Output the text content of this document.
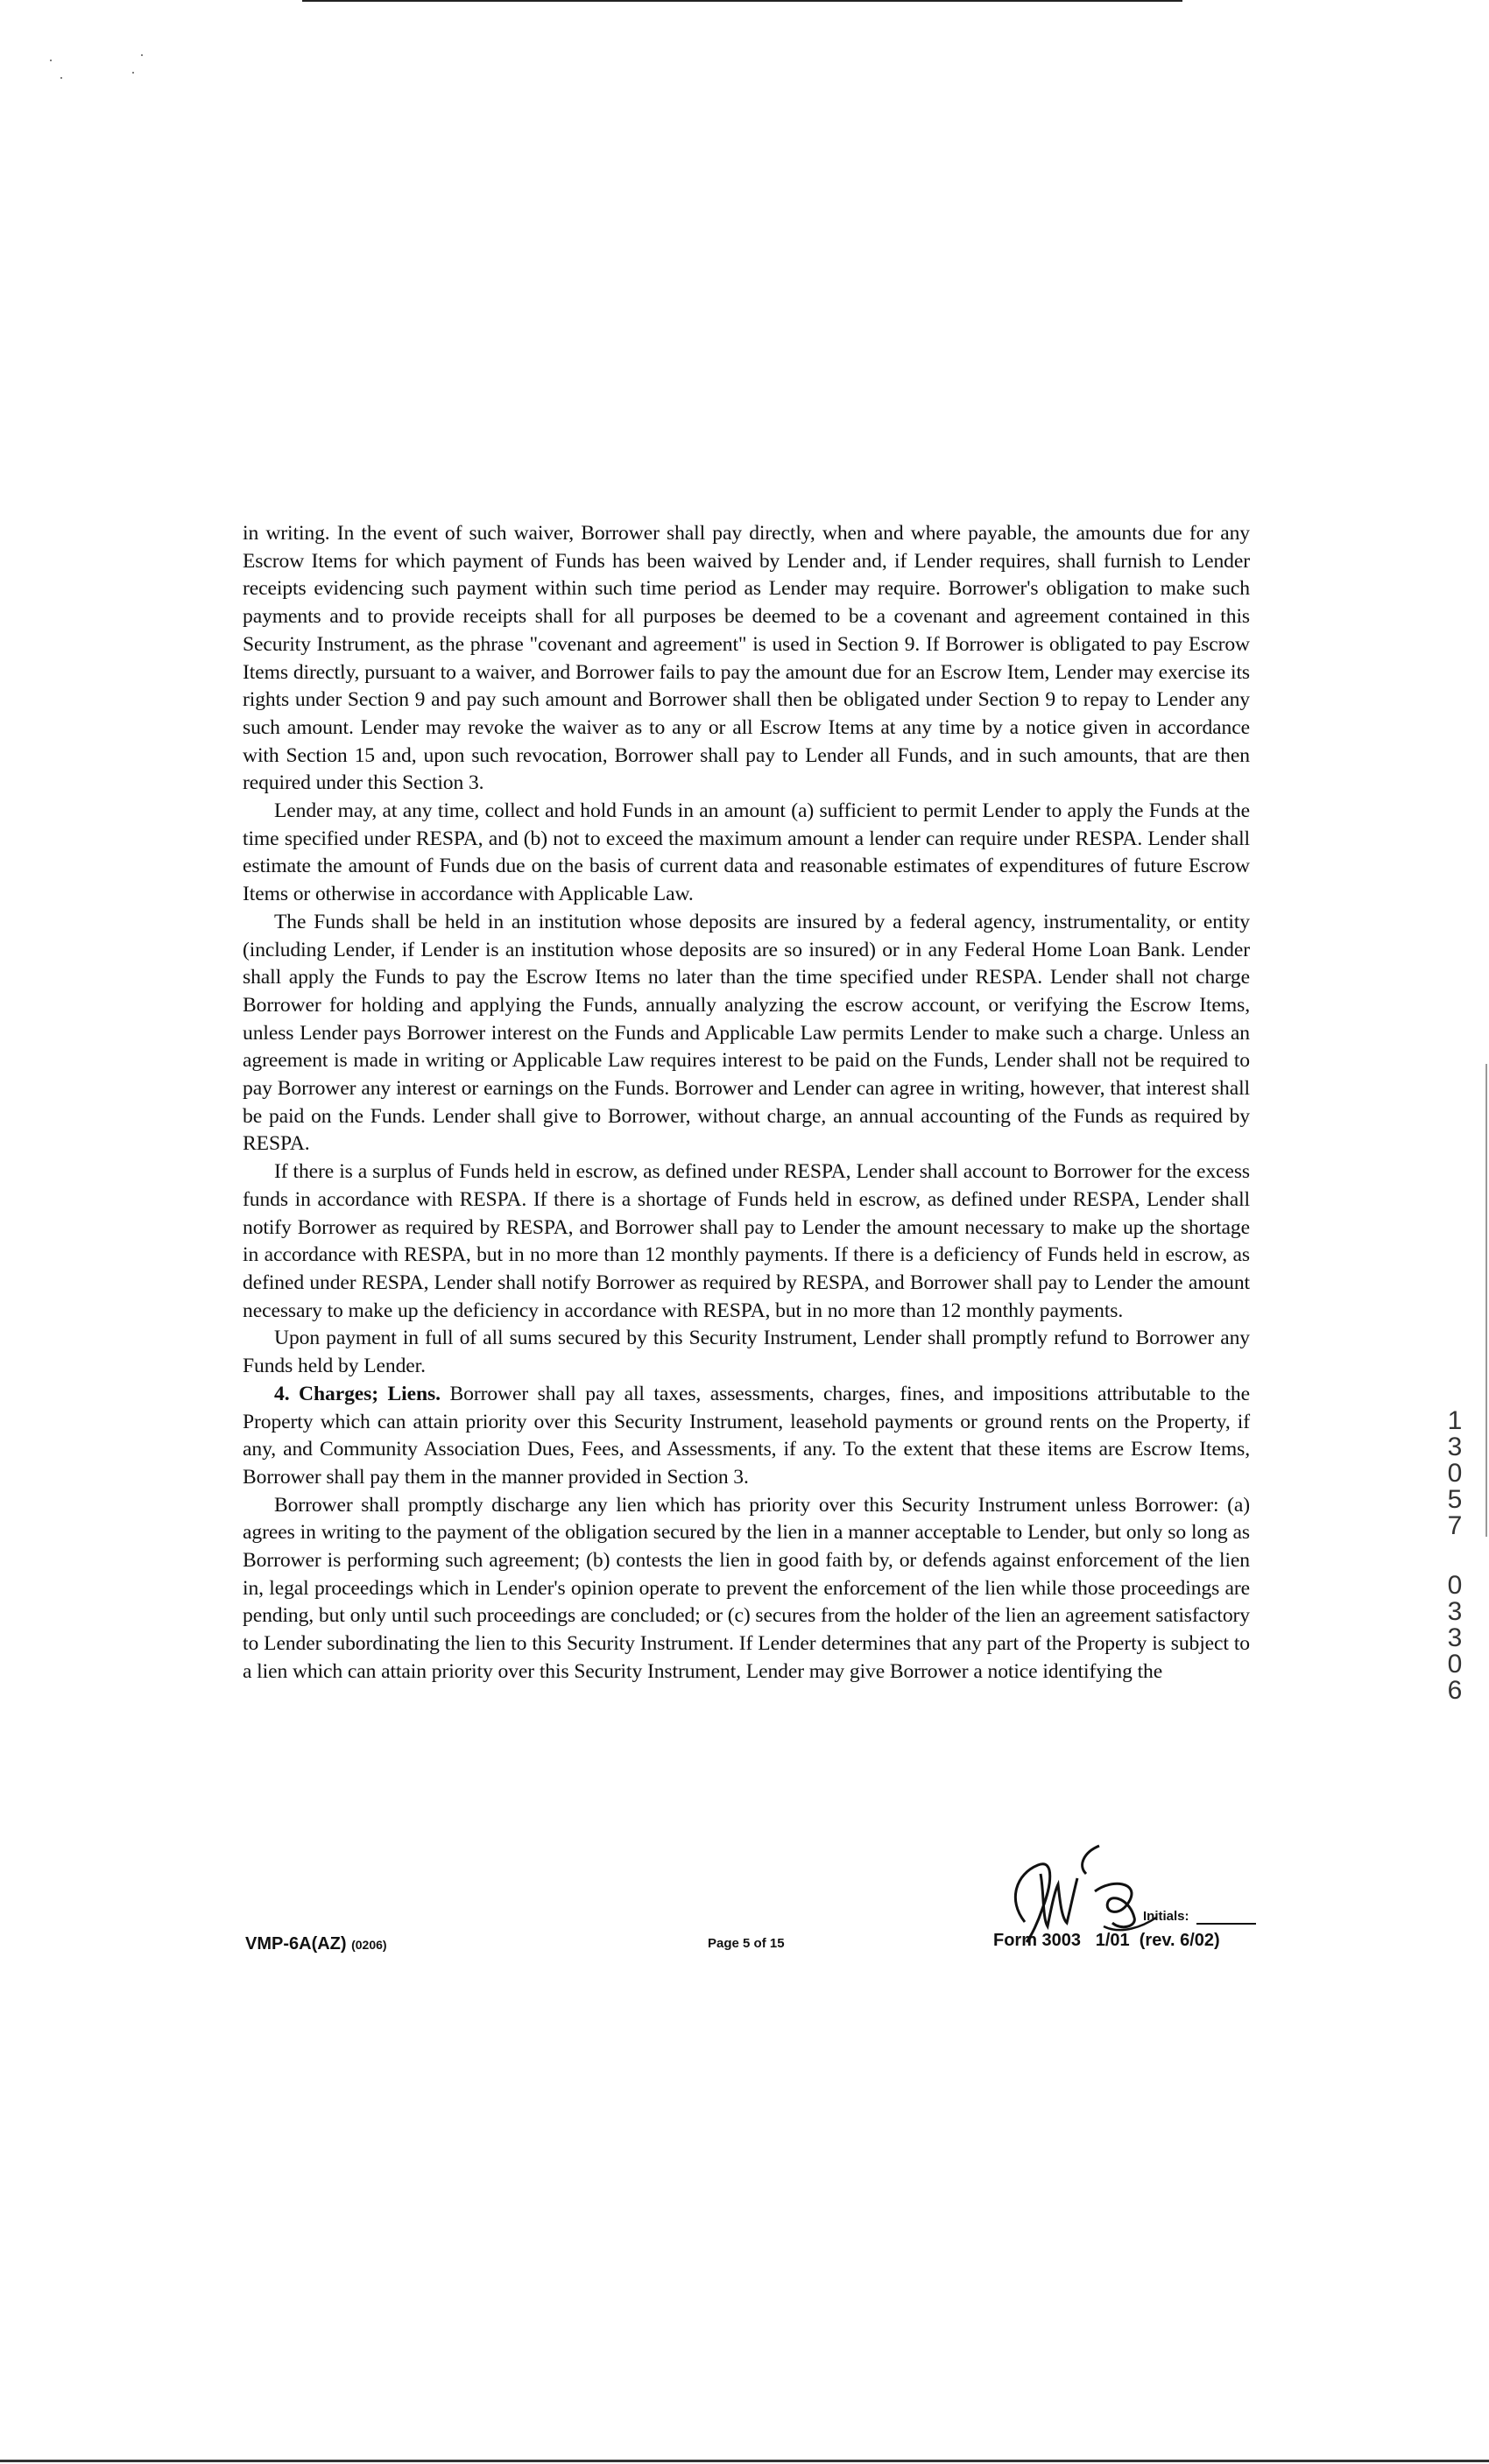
in writing. In the event of such waiver, Borrower shall pay directly, when and where payable, the amounts due for any Escrow Items for which payment of Funds has been waived by Lender and, if Lender requires, shall furnish to Lender receipts evidencing such payment within such time period as Lender may require. Borrower's obligation to make such payments and to provide receipts shall for all purposes be deemed to be a covenant and agreement contained in this Security Instrument, as the phrase "covenant and agreement" is used in Section 9. If Borrower is obligated to pay Escrow Items directly, pursuant to a waiver, and Borrower fails to pay the amount due for an Escrow Item, Lender may exercise its rights under Section 9 and pay such amount and Borrower shall then be obligated under Section 9 to repay to Lender any such amount. Lender may revoke the waiver as to any or all Escrow Items at any time by a notice given in accordance with Section 15 and, upon such revocation, Borrower shall pay to Lender all Funds, and in such amounts, that are then required under this Section 3.

Lender may, at any time, collect and hold Funds in an amount (a) sufficient to permit Lender to apply the Funds at the time specified under RESPA, and (b) not to exceed the maximum amount a lender can require under RESPA. Lender shall estimate the amount of Funds due on the basis of current data and reasonable estimates of expenditures of future Escrow Items or otherwise in accordance with Applicable Law.

The Funds shall be held in an institution whose deposits are insured by a federal agency, instrumentality, or entity (including Lender, if Lender is an institution whose deposits are so insured) or in any Federal Home Loan Bank. Lender shall apply the Funds to pay the Escrow Items no later than the time specified under RESPA. Lender shall not charge Borrower for holding and applying the Funds, annually analyzing the escrow account, or verifying the Escrow Items, unless Lender pays Borrower interest on the Funds and Applicable Law permits Lender to make such a charge. Unless an agreement is made in writing or Applicable Law requires interest to be paid on the Funds, Lender shall not be required to pay Borrower any interest or earnings on the Funds. Borrower and Lender can agree in writing, however, that interest shall be paid on the Funds. Lender shall give to Borrower, without charge, an annual accounting of the Funds as required by RESPA.

If there is a surplus of Funds held in escrow, as defined under RESPA, Lender shall account to Borrower for the excess funds in accordance with RESPA. If there is a shortage of Funds held in escrow, as defined under RESPA, Lender shall notify Borrower as required by RESPA, and Borrower shall pay to Lender the amount necessary to make up the shortage in accordance with RESPA, but in no more than 12 monthly payments. If there is a deficiency of Funds held in escrow, as defined under RESPA, Lender shall notify Borrower as required by RESPA, and Borrower shall pay to Lender the amount necessary to make up the deficiency in accordance with RESPA, but in no more than 12 monthly payments.

Upon payment in full of all sums secured by this Security Instrument, Lender shall promptly refund to Borrower any Funds held by Lender.

4. Charges; Liens. Borrower shall pay all taxes, assessments, charges, fines, and impositions attributable to the Property which can attain priority over this Security Instrument, leasehold payments or ground rents on the Property, if any, and Community Association Dues, Fees, and Assessments, if any. To the extent that these items are Escrow Items, Borrower shall pay them in the manner provided in Section 3.

Borrower shall promptly discharge any lien which has priority over this Security Instrument unless Borrower: (a) agrees in writing to the payment of the obligation secured by the lien in a manner acceptable to Lender, but only so long as Borrower is performing such agreement; (b) contests the lien in good faith by, or defends against enforcement of the lien in, legal proceedings which in Lender's opinion operate to prevent the enforcement of the lien while those proceedings are pending, but only until such proceedings are concluded; or (c) secures from the holder of the lien an agreement satisfactory to Lender subordinating the lien to this Security Instrument. If Lender determines that any part of the Property is subject to a lien which can attain priority over this Security Instrument, Lender may give Borrower a notice identifying the

1
3
0
5
7
0
3
3
0
6
Initials:
VMP-6A(AZ) (0206)	Page 5 of 15	Form 3003   1/01  (rev. 6/02)
